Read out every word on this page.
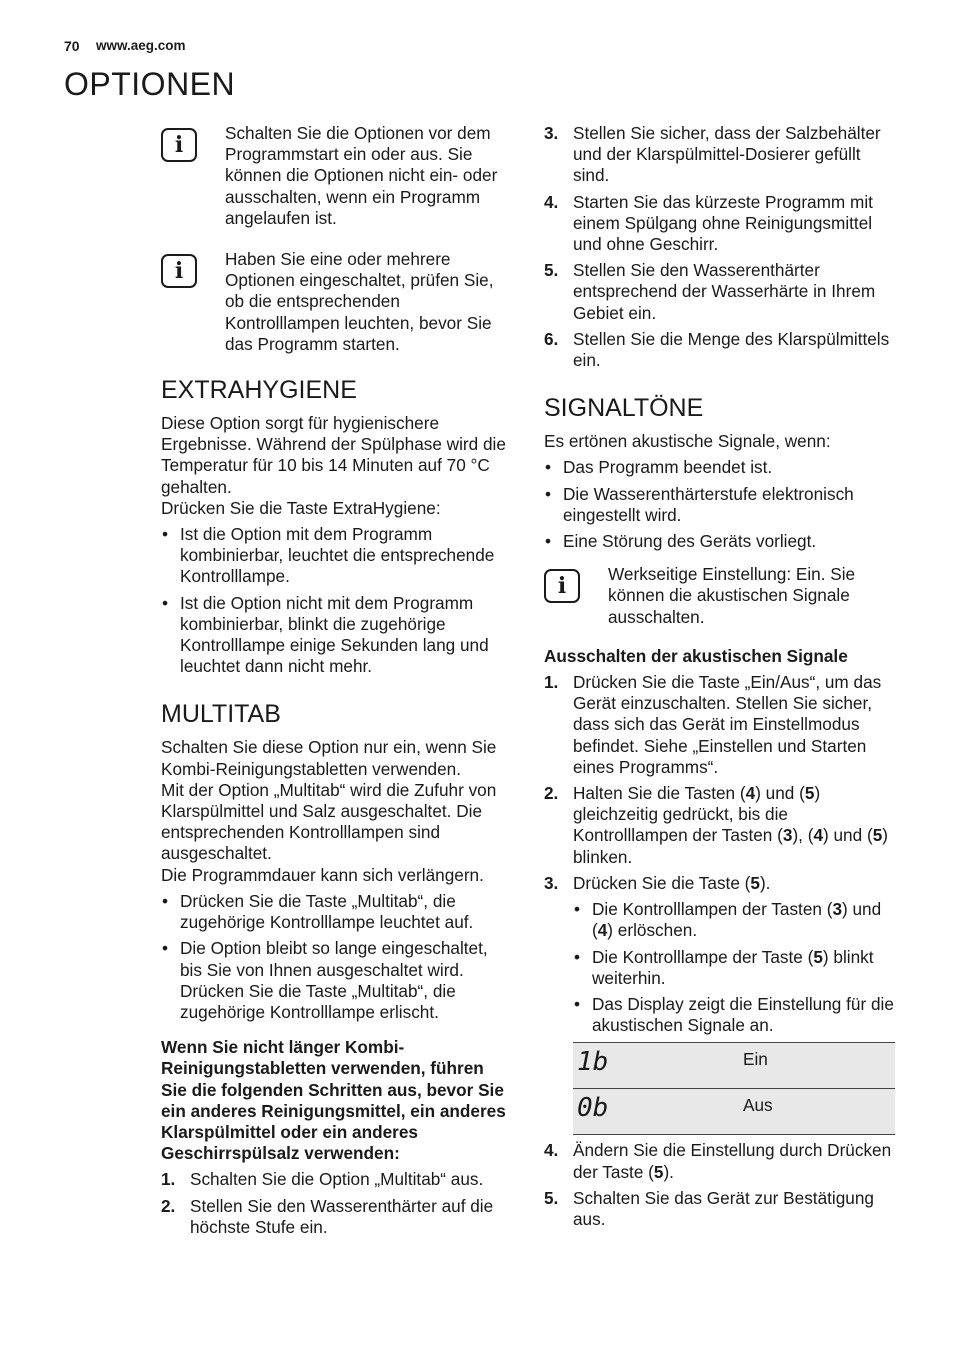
70 www.aeg.com
OPTIONEN
i	Schalten Sie die Optionen vor dem Programmstart ein oder aus. Sie können die Optionen nicht ein- oder ausschalten, wenn ein Programm angelaufen ist.

i	Haben Sie eine oder mehrere Optionen eingeschaltet, prüfen Sie, ob die entsprechenden Kontrolllampen leuchten, bevor Sie das Programm starten.

EXTRAHYGIENE

Diese Option sorgt für hygienischere Ergebnisse. Während der Spülphase wird die Temperatur für 10 bis 14 Minuten auf 70 °C gehalten.

Drücken Sie die Taste ExtraHygiene:

• Ist die Option mit dem Programm kombinierbar, leuchtet die entsprechende Kontrolllampe.
• Ist die Option nicht mit dem Programm kombinierbar, blinkt die zugehörige Kontrolllampe einige Sekunden lang und leuchtet dann nicht mehr.
MULTITAB

Schalten Sie diese Option nur ein, wenn Sie Kombi-Reinigungstabletten verwenden.

Mit der Option „Multitab“ wird die Zufuhr von Klarspülmittel und Salz ausgeschaltet. Die entsprechenden Kontrolllampen sind ausgeschaltet.

Die Programmdauer kann sich verlängern.

• Drücken Sie die Taste „Multitab“, die zugehörige Kontrolllampe leuchtet auf.
• Die Option bleibt so lange eingeschaltet, bis Sie von Ihnen ausgeschaltet wird. Drücken Sie die Taste „Multitab“, die zugehörige Kontrolllampe erlischt.

Wenn Sie nicht länger Kombi-Reinigungstabletten verwenden, führen Sie die folgenden Schritten aus, bevor Sie ein anderes Reinigungsmittel, ein anderes Klarspülmittel oder ein anderes Geschirrspülsalz verwenden:

1. Schalten Sie die Option „Multitab“ aus.
2. Stellen Sie den Wasserenthärter auf die höchste Stufe ein.
3. Stellen Sie sicher, dass der Salzbehälter und der Klarspülmittel-Dosierer gefüllt sind.
4. Starten Sie das kürzeste Programm mit einem Spülgang ohne Reinigungsmittel und ohne Geschirr.
5. Stellen Sie den Wasserenthärter entsprechend der Wasserhärte in Ihrem Gebiet ein.
6. Stellen Sie die Menge des Klarspülmittels ein.
SIGNALTÖNE

Es ertönen akustische Signale, wenn:

• Das Programm beendet ist.
• Die Wasserenthärterstufe elektronisch eingestellt wird.
• Eine Störung des Geräts vorliegt.
i	Werkseitige Einstellung: Ein. Sie können die akustischen Signale ausschalten.

Ausschalten der akustischen Signale

1. Drücken Sie die Taste „Ein/Aus“, um das Gerät einzuschalten. Stellen Sie sicher, dass sich das Gerät im Einstellmodus befindet. Siehe „Einstellen und Starten eines Programms“.
2. Halten Sie die Tasten (4) und (5) gleichzeitig gedrückt, bis die Kontrolllampen der Tasten (3), (4) und (5) blinken.
3. Drücken Sie die Taste (5).
• Die Kontrolllampen der Tasten (3) und (4) erlöschen.
• Die Kontrolllampe der Taste (5) blinkt weiterhin.
• Das Display zeigt die Einstellung für die akustischen Signale an.
1b	Ein
0b	Aus
4. Ändern Sie die Einstellung durch Drücken der Taste (5).
5. Schalten Sie das Gerät zur Bestätigung aus.
